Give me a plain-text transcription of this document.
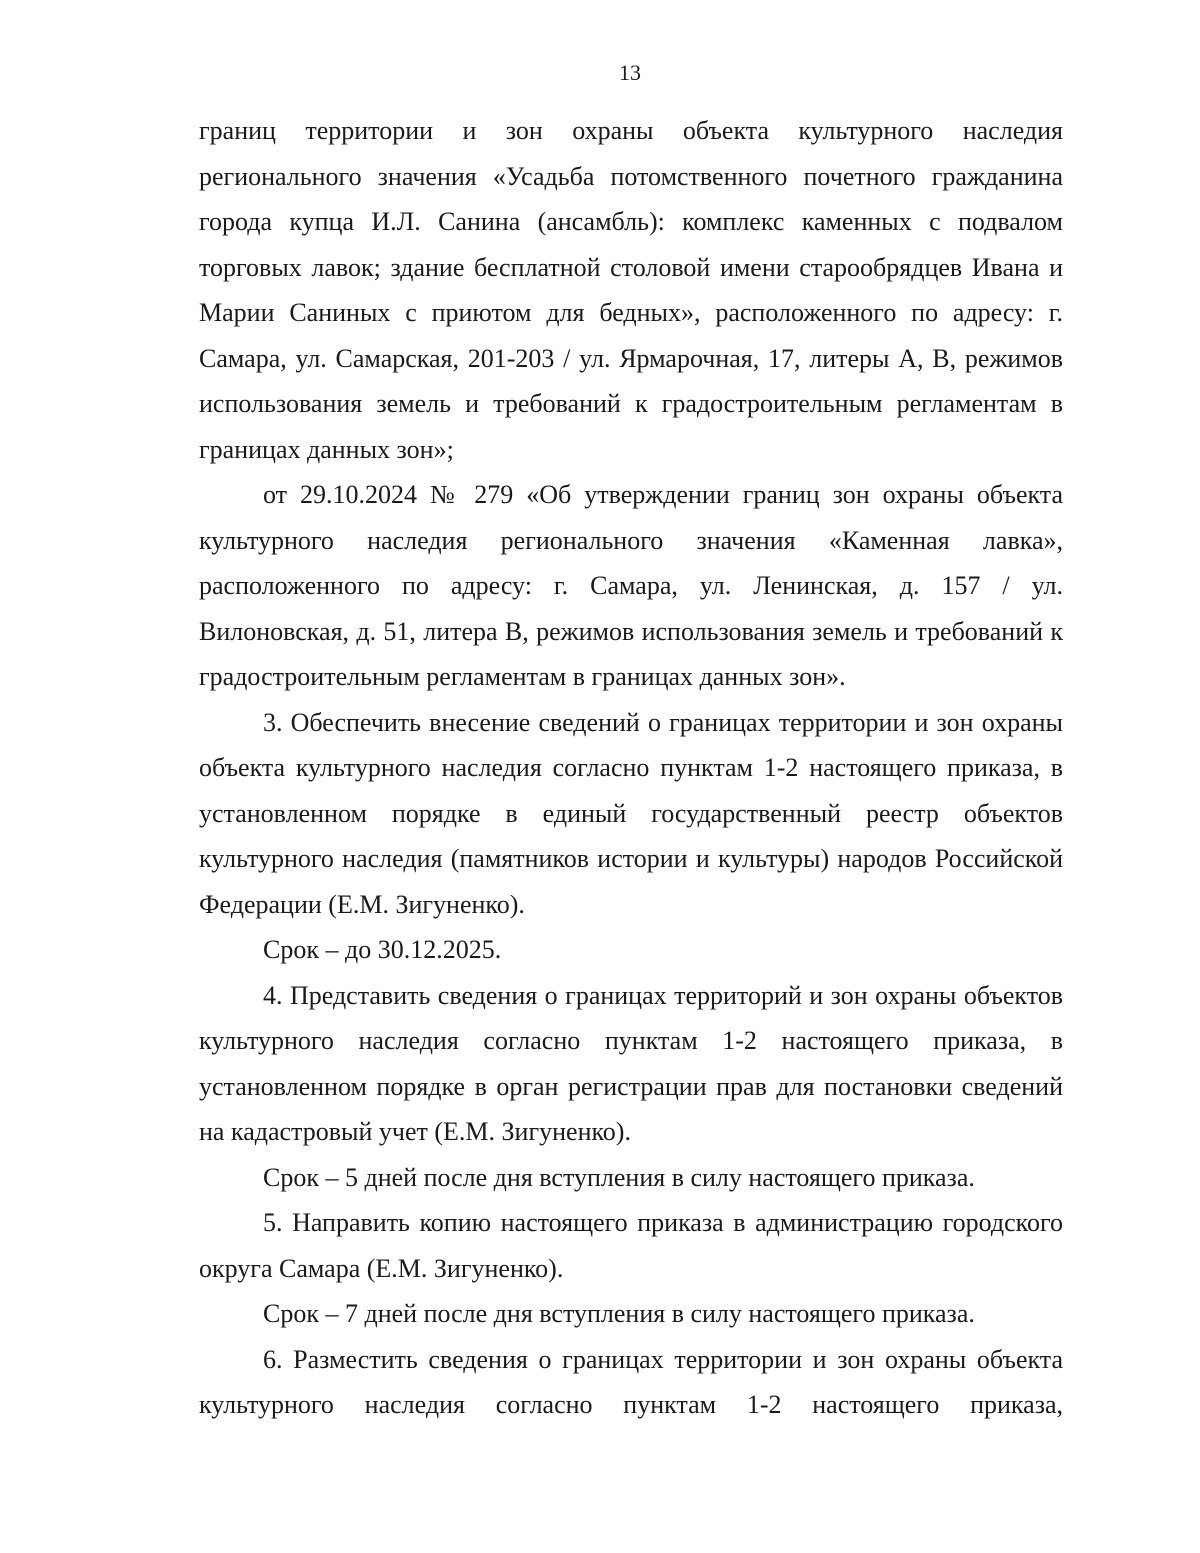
13

границ территории и зон охраны объекта культурного наследия регионального значения «Усадьба потомственного почетного гражданина города купца И.Л. Санина (ансамбль): комплекс каменных с подвалом торговых лавок; здание бесплатной столовой имени старообрядцев Ивана и Марии Саниных с приютом для бедных», расположенного по адресу: г. Самара, ул. Самарская, 201-203 / ул. Ярмарочная, 17, литеры А, В, режимов использования земель и требований к градостроительным регламентам в границах данных зон»;

от 29.10.2024 № 279 «Об утверждении границ зон охраны объекта культурного наследия регионального значения «Каменная лавка», расположенного по адресу: г. Самара, ул. Ленинская, д. 157 / ул. Вилоновская, д. 51, литера В, режимов использования земель и требований к градостроительным регламентам в границах данных зон».

3. Обеспечить внесение сведений о границах территории и зон охраны объекта культурного наследия согласно пунктам 1-2 настоящего приказа, в установленном порядке в единый государственный реестр объектов культурного наследия (памятников истории и культуры) народов Российской Федерации (Е.М. Зигуненко).

Срок – до 30.12.2025.

4. Представить сведения о границах территорий и зон охраны объектов культурного наследия согласно пунктам 1-2 настоящего приказа, в установленном порядке в орган регистрации прав для постановки сведений на кадастровый учет (Е.М. Зигуненко).

Срок – 5 дней после дня вступления в силу настоящего приказа.

5. Направить копию настоящего приказа в администрацию городского округа Самара (Е.М. Зигуненко).

Срок – 7 дней после дня вступления в силу настоящего приказа.

6. Разместить сведения о границах территории и зон охраны объекта культурного наследия согласно пунктам 1-2 настоящего приказа,
